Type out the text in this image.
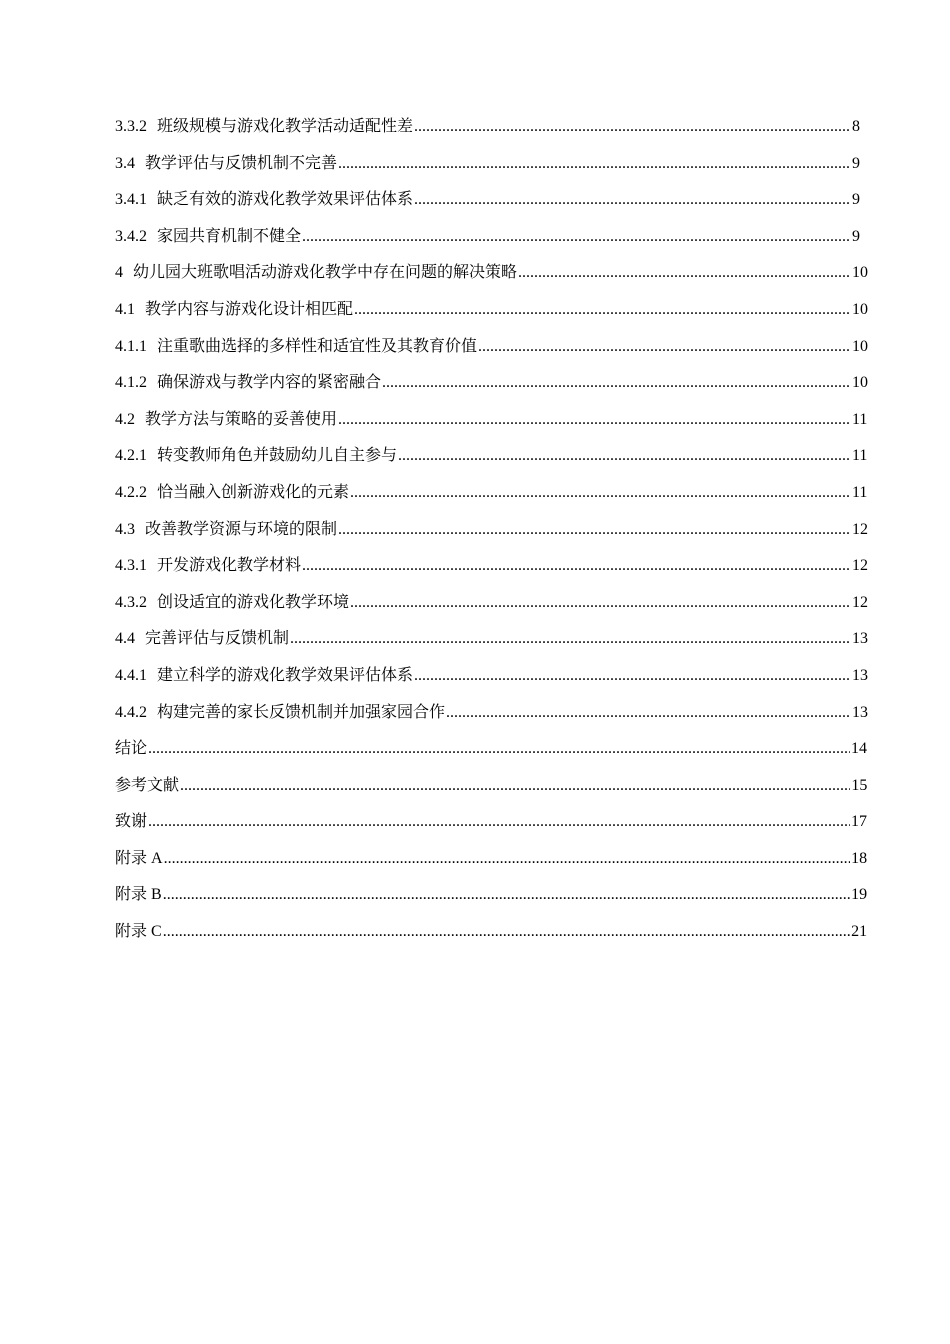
3.3.2 班级规模与游戏化教学活动适配性差 .....	8
3.4 教学评估与反馈机制不完善 .....	9
3.4.1 缺乏有效的游戏化教学效果评估体系 .....	9
3.4.2 家园共育机制不健全 .....	9
4 幼儿园大班歌唱活动游戏化教学中存在问题的解决策略 .....	10
4.1 教学内容与游戏化设计相匹配 .....	10
4.1.1 注重歌曲选择的多样性和适宜性及其教育价值 .....	10
4.1.2 确保游戏与教学内容的紧密融合 .....	10
4.2 教学方法与策略的妥善使用 .....	11
4.2.1 转变教师角色并鼓励幼儿自主参与 .....	11
4.2.2 恰当融入创新游戏化的元素 .....	11
4.3 改善教学资源与环境的限制 .....	12
4.3.1 开发游戏化教学材料 .....	12
4.3.2 创设适宜的游戏化教学环境 .....	12
4.4 完善评估与反馈机制 .....	13
4.4.1 建立科学的游戏化教学效果评估体系 .....	13
4.4.2 构建完善的家长反馈机制并加强家园合作 .....	13
结论 .....	14
参考文献 .....	15
致谢 .....	17
附录 A .....	18
附录 B .....	19
附录 C .....	21
